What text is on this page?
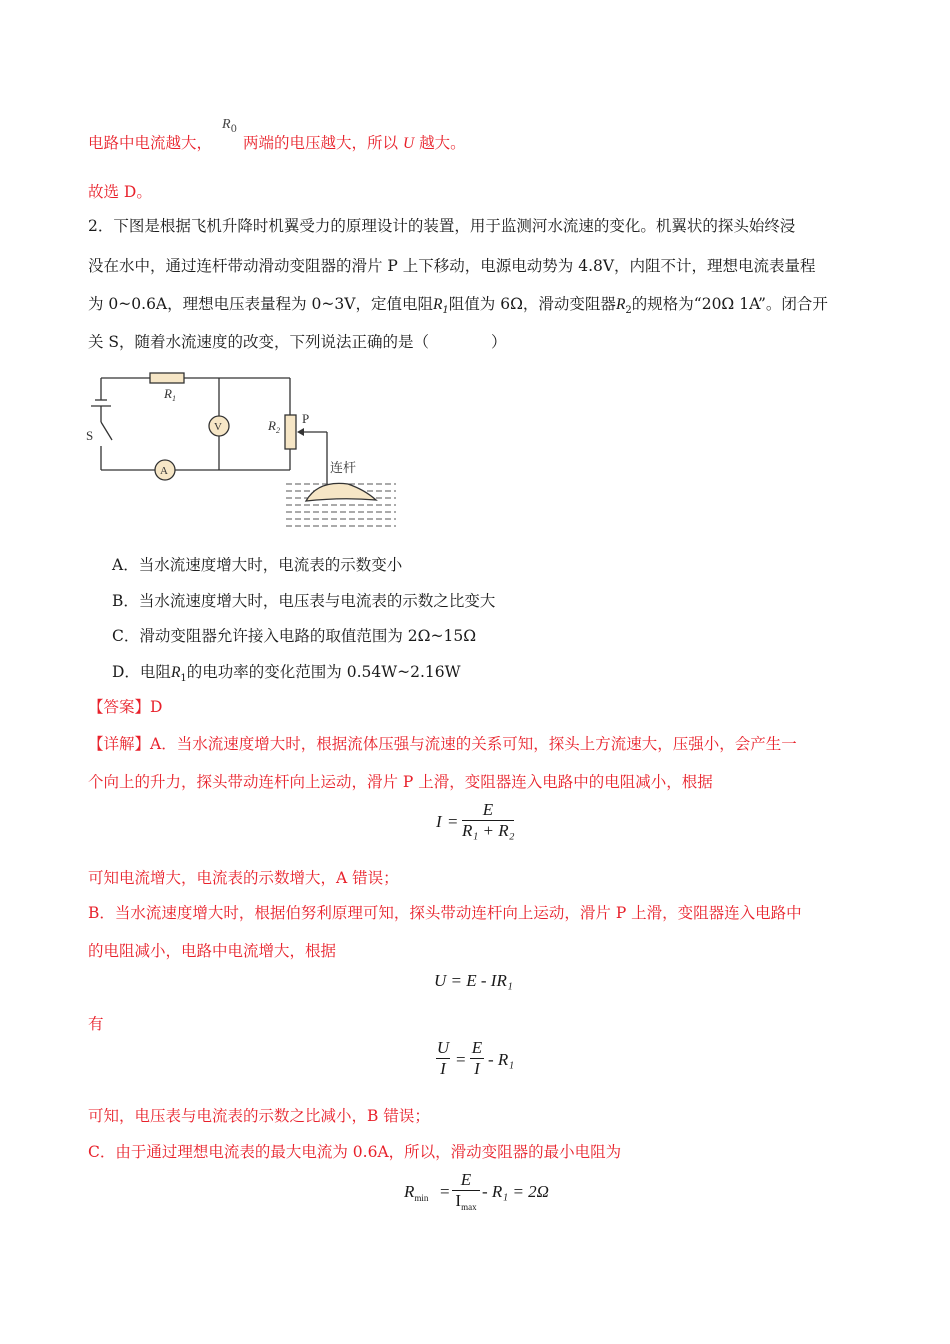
电路中电流越大，
$R_0$
两端的电压越大，所以 U 越大。
故选 D。
2．下图是根据飞机升降时机翼受力的原理设计的装置，用于监测河水流速的变化。机翼状的探头始终浸
没在水中，通过连杆带动滑动变阻器的滑片 P 上下移动，电源电动势为 4.8V，内阻不计，理想电流表量程
为 0~0.6A，理想电压表量程为 0~3V，定值电阻$R_1$阻值为 6Ω，滑动变阻器$R_2$的规格为“20Ω 1A”。闭合开
关 S，随着水流速度的改变，下列说法正确的是（　　　　）
$R_1$
V
A
S
$R_2$
P
连杆
A．当水流速度增大时，电流表的示数变小
B．当水流速度增大时，电压表与电流表的示数之比变大
C．滑动变阻器允许接入电路的取值范围为 2Ω~15Ω
D．电阻$R_1$的电功率的变化范围为 0.54W~2.16W
【答案】D
【详解】A．当水流速度增大时，根据流体压强与流速的关系可知，探头上方流速大，压强小，会产生一
个向上的升力，探头带动连杆向上运动，滑片 P 上滑，变阻器连入电路中的电阻减小，根据
I =
E
R₁ + R₂
可知电流增大，电流表的示数增大，A 错误；
B．当水流速度增大时，根据伯努利原理可知，探头带动连杆向上运动，滑片 P 上滑，变阻器连入电路中
的电阻减小，电路中电流增大，根据
U = E - IR₁
有
U
I =
E
I - R₁
可知，电压表与电流表的示数之比减小，B 错误；
C．由于通过理想电流表的最大电流为 0.6A，所以，滑动变阻器的最小电阻为
$R_{min}$ =
E
$I_{max}$
- R₁ = 2Ω
